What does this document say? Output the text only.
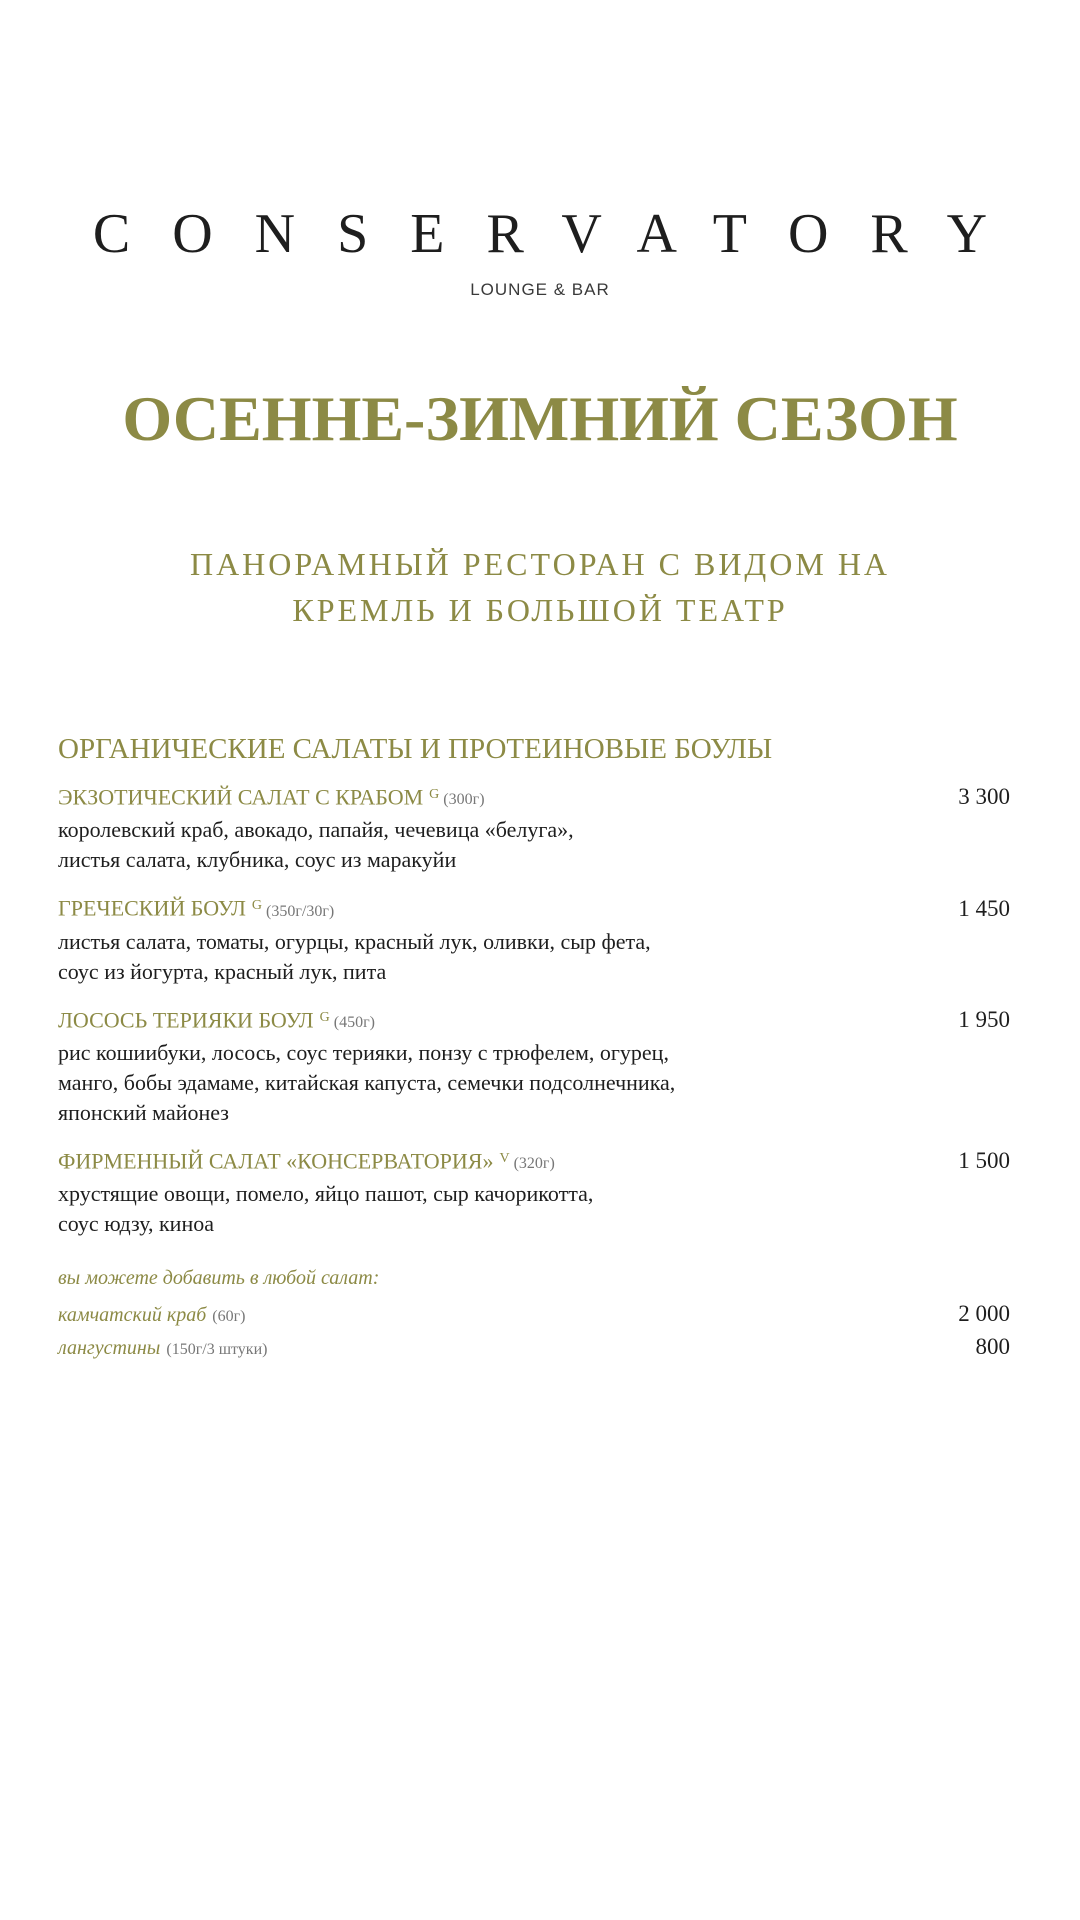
CONSERVATORY
LOUNGE & BAR
ОСЕННЕ-ЗИМНИЙ СЕЗОН
ПАНОРАМНЫЙ РЕСТОРАН С ВИДОМ НА
КРЕМЛЬ И БОЛЬШОЙ ТЕАТР
ОРГАНИЧЕСКИЕ САЛАТЫ И ПРОТЕИНОВЫЕ БОУЛЫ
ЭКЗОТИЧЕСКИЙ САЛАТ С КРАБОМ G (300г)	3 300
королевский краб, авокадо, папайя, чечевица «белуга»,
листья салата, клубника, соус из маракуйи
ГРЕЧЕСКИЙ БОУЛ G (350г/30г)	1 450
листья салата, томаты, огурцы, красный лук, оливки, сыр фета,
соус из йогурта, красный лук, пита
ЛОСОСЬ ТЕРИЯКИ БОУЛ G (450г)	1 950
рис кошиибуки, лосось, соус терияки, понзу с трюфелем, огурец,
манго, бобы эдамаме, китайская капуста, семечки подсолнечника,
японский майонез
ФИРМЕННЫЙ САЛАТ «КОНСЕРВАТОРИЯ» V (320г)	1 500
хрустящие овощи, помело, яйцо пашот, сыр качорикотта,
соус юдзу, киноа
вы можете добавить в любой салат:
камчатский краб (60г)	2 000
лангустины (150г/3 штуки)	800
